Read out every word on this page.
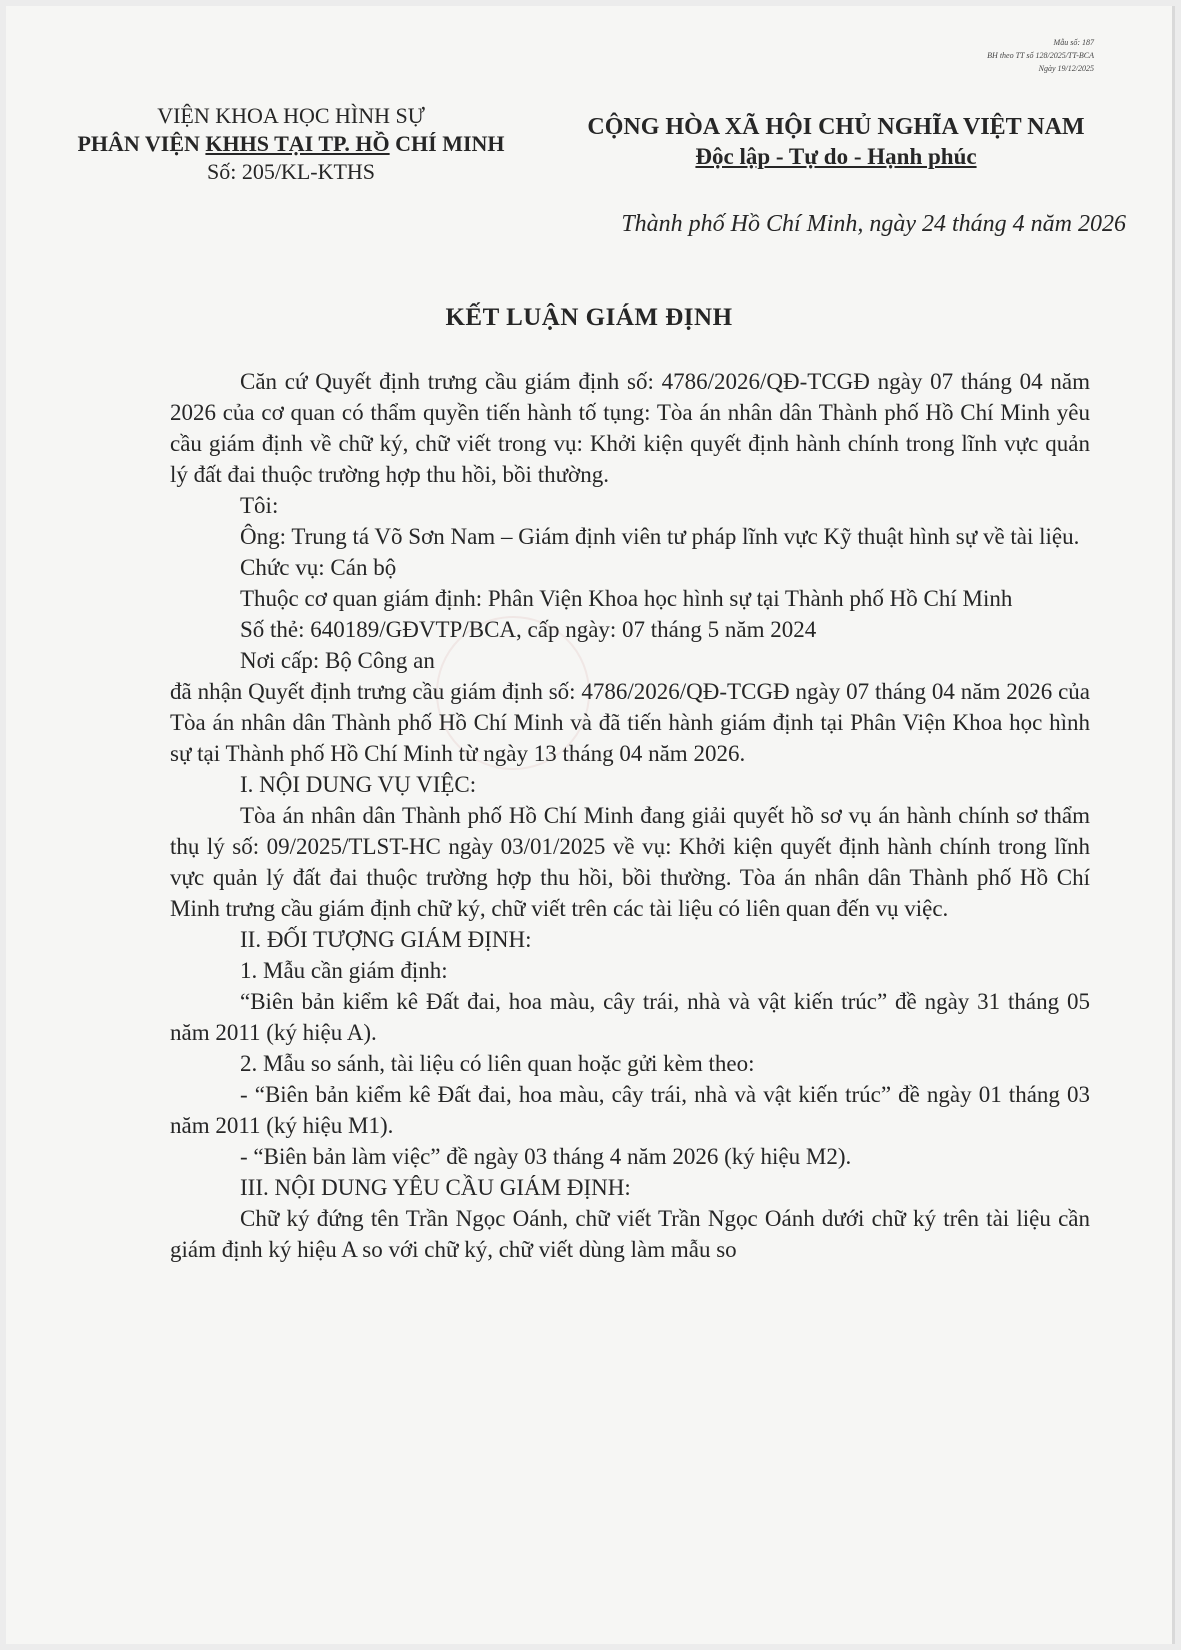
Mẫu số: 187
BH theo TT số 128/2025/TT-BCA
Ngày 19/12/2025
VIỆN KHOA HỌC HÌNH SỰ
PHÂN VIỆN KHHS TẠI TP. HỒ CHÍ MINH
Số: 205/KL-KTHS
CỘNG HÒA XÃ HỘI CHỦ NGHĨA VIỆT NAM
Độc lập - Tự do - Hạnh phúc
Thành phố Hồ Chí Minh, ngày 24 tháng 4 năm 2026
KẾT LUẬN GIÁM ĐỊNH

Căn cứ Quyết định trưng cầu giám định số: 4786/2026/QĐ-TCGĐ ngày 07 tháng 04 năm 2026 của cơ quan có thẩm quyền tiến hành tố tụng: Tòa án nhân dân Thành phố Hồ Chí Minh yêu cầu giám định về chữ ký, chữ viết trong vụ: Khởi kiện quyết định hành chính trong lĩnh vực quản lý đất đai thuộc trường hợp thu hồi, bồi thường.

Tôi:

Ông: Trung tá Võ Sơn Nam – Giám định viên tư pháp lĩnh vực Kỹ thuật hình sự về tài liệu.

Chức vụ: Cán bộ

Thuộc cơ quan giám định: Phân Viện Khoa học hình sự tại Thành phố Hồ Chí Minh

Số thẻ: 640189/GĐVTP/BCA, cấp ngày: 07 tháng 5 năm 2024

Nơi cấp: Bộ Công an

đã nhận Quyết định trưng cầu giám định số: 4786/2026/QĐ-TCGĐ ngày 07 tháng 04 năm 2026 của Tòa án nhân dân Thành phố Hồ Chí Minh và đã tiến hành giám định tại Phân Viện Khoa học hình sự tại Thành phố Hồ Chí Minh từ ngày 13 tháng 04 năm 2026.

I. NỘI DUNG VỤ VIỆC:

Tòa án nhân dân Thành phố Hồ Chí Minh đang giải quyết hồ sơ vụ án hành chính sơ thẩm thụ lý số: 09/2025/TLST-HC ngày 03/01/2025 về vụ: Khởi kiện quyết định hành chính trong lĩnh vực quản lý đất đai thuộc trường hợp thu hồi, bồi thường. Tòa án nhân dân Thành phố Hồ Chí Minh trưng cầu giám định chữ ký, chữ viết trên các tài liệu có liên quan đến vụ việc.

II. ĐỐI TƯỢNG GIÁM ĐỊNH:

1. Mẫu cần giám định:

“Biên bản kiểm kê Đất đai, hoa màu, cây trái, nhà và vật kiến trúc” đề ngày 31 tháng 05 năm 2011 (ký hiệu A).

2. Mẫu so sánh, tài liệu có liên quan hoặc gửi kèm theo:

- “Biên bản kiểm kê Đất đai, hoa màu, cây trái, nhà và vật kiến trúc” đề ngày 01 tháng 03 năm 2011 (ký hiệu M1).

- “Biên bản làm việc” đề ngày 03 tháng 4 năm 2026 (ký hiệu M2).

III. NỘI DUNG YÊU CẦU GIÁM ĐỊNH:

Chữ ký đứng tên Trần Ngọc Oánh, chữ viết Trần Ngọc Oánh dưới chữ ký trên tài liệu cần giám định ký hiệu A so với chữ ký, chữ viết dùng làm mẫu so
